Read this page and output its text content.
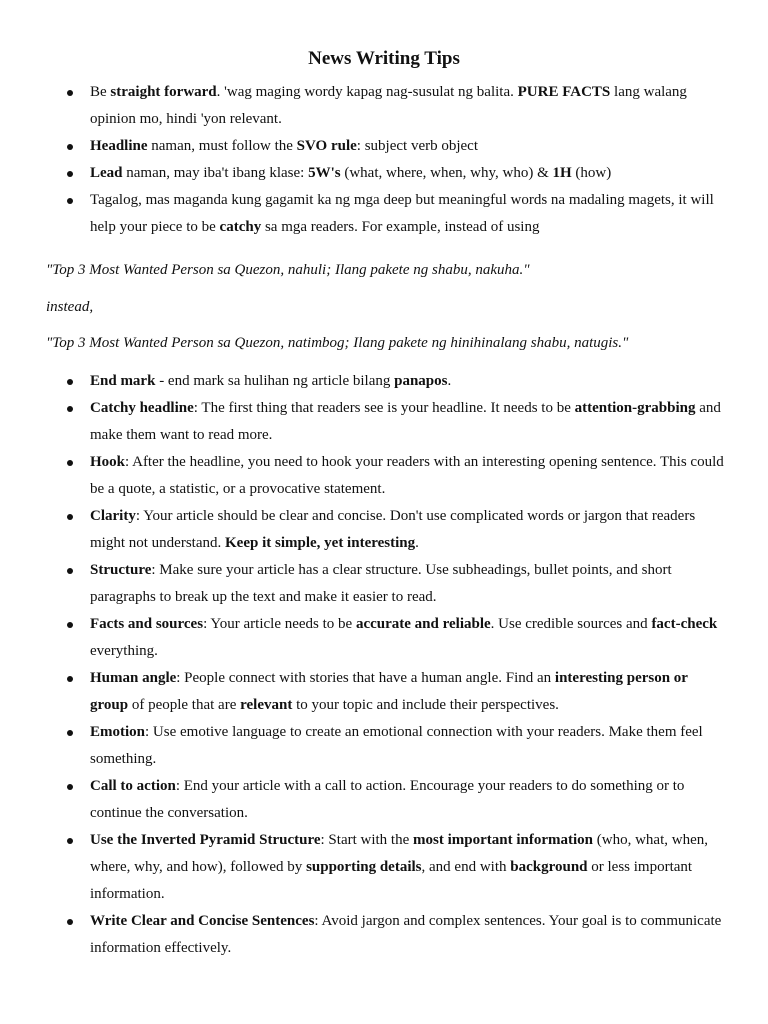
News Writing Tips
Be straight forward. 'wag maging wordy kapag nag-susulat ng balita. PURE FACTS lang walang opinion mo, hindi 'yon relevant.
Headline naman, must follow the SVO rule: subject verb object
Lead naman, may iba't ibang klase: 5W's (what, where, when, why, who) & 1H (how)
Tagalog, mas maganda kung gagamit ka ng mga deep but meaningful words na madaling magets, it will help your piece to be catchy sa mga readers. For example, instead of using
"Top 3 Most Wanted Person sa Quezon, nahuli; Ilang pakete ng shabu, nakuha."
instead,
"Top 3 Most Wanted Person sa Quezon, natimbog; Ilang pakete ng hinihinalang shabu, natugis."
End mark - end mark sa hulihan ng article bilang panapos.
Catchy headline: The first thing that readers see is your headline. It needs to be attention-grabbing and make them want to read more.
Hook: After the headline, you need to hook your readers with an interesting opening sentence. This could be a quote, a statistic, or a provocative statement.
Clarity: Your article should be clear and concise. Don't use complicated words or jargon that readers might not understand. Keep it simple, yet interesting.
Structure: Make sure your article has a clear structure. Use subheadings, bullet points, and short paragraphs to break up the text and make it easier to read.
Facts and sources: Your article needs to be accurate and reliable. Use credible sources and fact-check everything.
Human angle: People connect with stories that have a human angle. Find an interesting person or group of people that are relevant to your topic and include their perspectives.
Emotion: Use emotive language to create an emotional connection with your readers. Make them feel something.
Call to action: End your article with a call to action. Encourage your readers to do something or to continue the conversation.
Use the Inverted Pyramid Structure: Start with the most important information (who, what, when, where, why, and how), followed by supporting details, and end with background or less important information.
Write Clear and Concise Sentences: Avoid jargon and complex sentences. Your goal is to communicate information effectively.
